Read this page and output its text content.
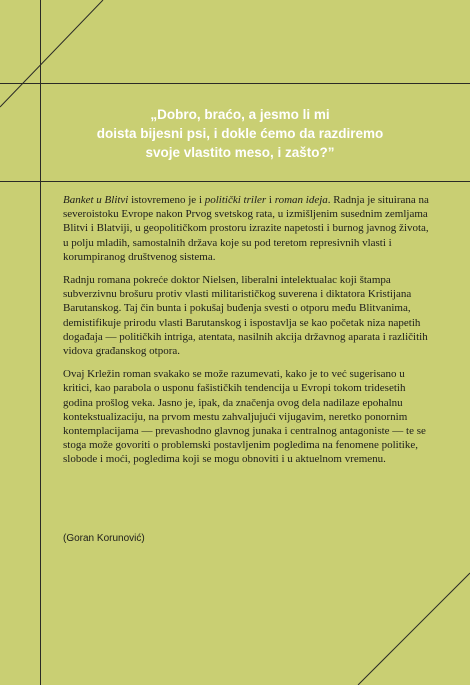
„Dobro, braćo, a jesmo li mi
doista bijesni psi, i dokle ćemo da razdiremo
svoje vlastito meso, i zašto?”

Banket u Blitvi istovremeno je i politički triler i roman ideja. Radnja je situirana na severoistoku Evrope nakon Prvog svetskog rata, u izmišljenim susednim zemljama Blitvi i Blatviji, u geopolitičkom prostoru izrazite napetosti i burnog javnog života, u polju mladih, samostalnih država koje su pod teretom represivnih vlasti i korumpiranog društvenog sistema.

Radnju romana pokreće doktor Nielsen, liberalni intelektualac koji štampa subverzivnu brošuru protiv vlasti militarističkog suverena i diktatora Kristijana Barutanskog. Taj čin bunta i pokušaj buđenja svesti o otporu među Blitvanima, demistifikuje prirodu vlasti Barutanskog i ispostavlja se kao početak niza napetih događaja — političkih intriga, atentata, nasilnih akcija državnog aparata i različitih vidova građanskog otpora.

Ovaj Krležin roman svakako se može razumevati, kako je to već sugerisano u kritici, kao parabola o usponu fašističkih tendencija u Evropi tokom tridesetih godina prošlog veka. Jasno je, ipak, da značenja ovog dela nadilaze epohalnu kontekstualizaciju, na prvom mestu zahvaljujući vijugavim, neretko ponornim kontemplacijama — prevashodno glavnog junaka i centralnog antagoniste — te se stoga može govoriti o problemski postavljenim pogledima na fenomene politike, slobode i moći, pogledima koji se mogu obnoviti i u aktuelnom vremenu.

(Goran Korunović)
